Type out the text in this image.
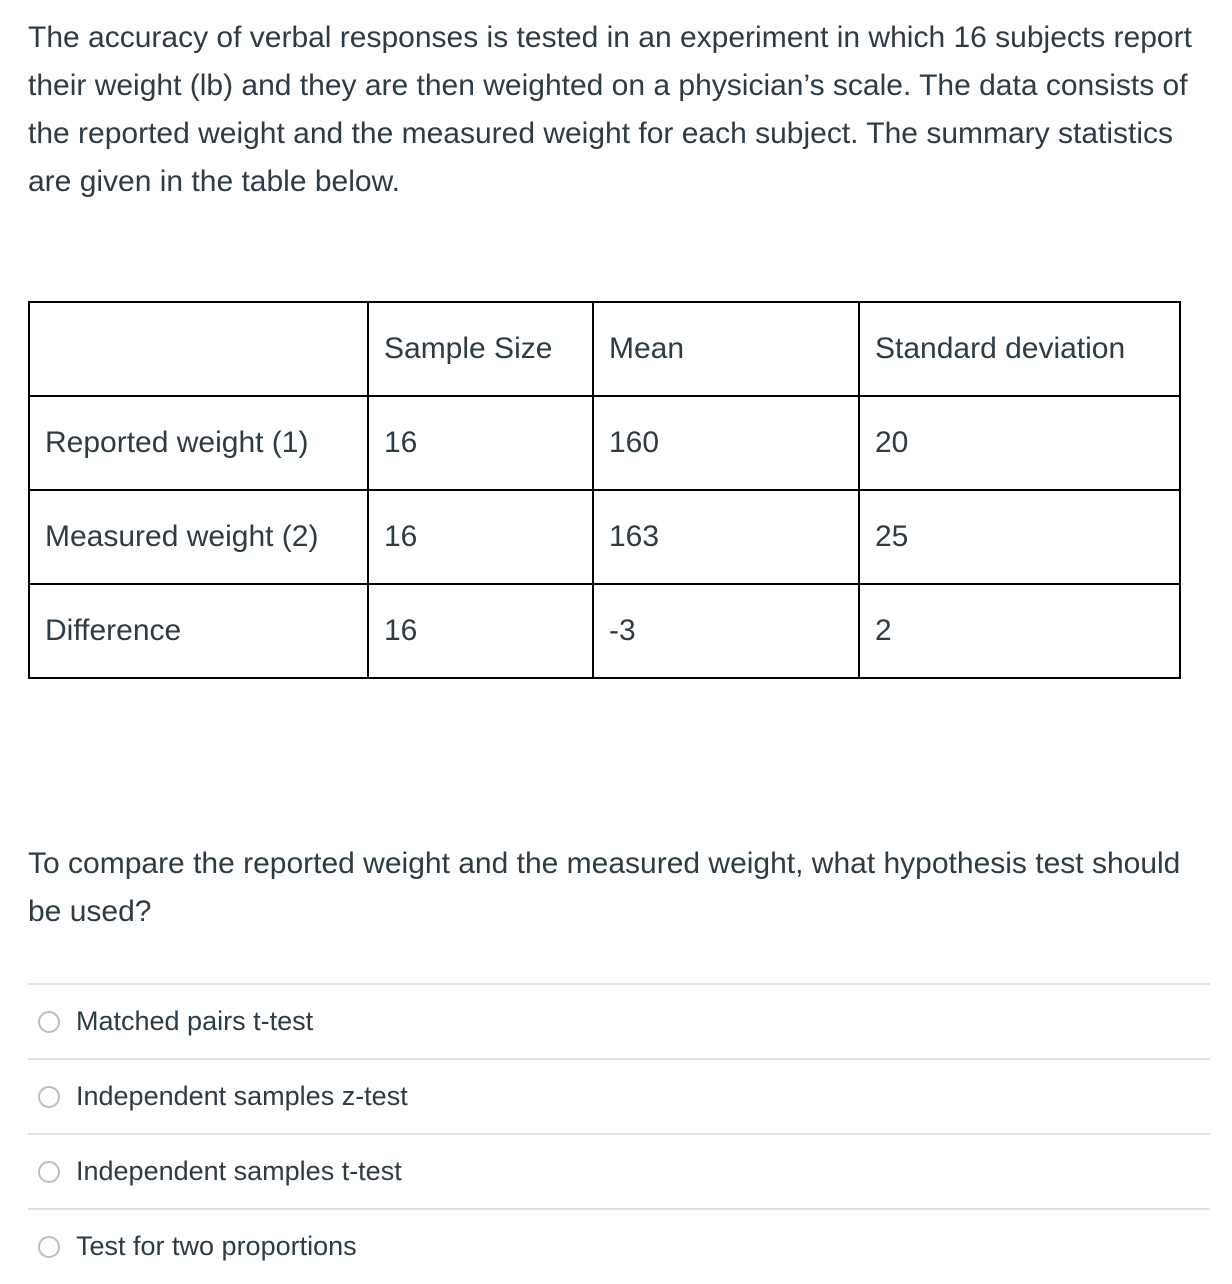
The accuracy of verbal responses is tested in an experiment in which 16 subjects report their weight (lb) and they are then weighted on a physician’s scale. The data consists of the reported weight and the measured weight for each subject. The summary statistics are given in the table below.

	Sample Size	Mean	Standard deviation
Reported weight (1)	16	160	20
Measured weight (2)	16	163	25
Difference	16	-3	2

To compare the reported weight and the measured weight, what hypothesis test should be used?

Matched pairs t-test
Independent samples z-test
Independent samples t-test
Test for two proportions
